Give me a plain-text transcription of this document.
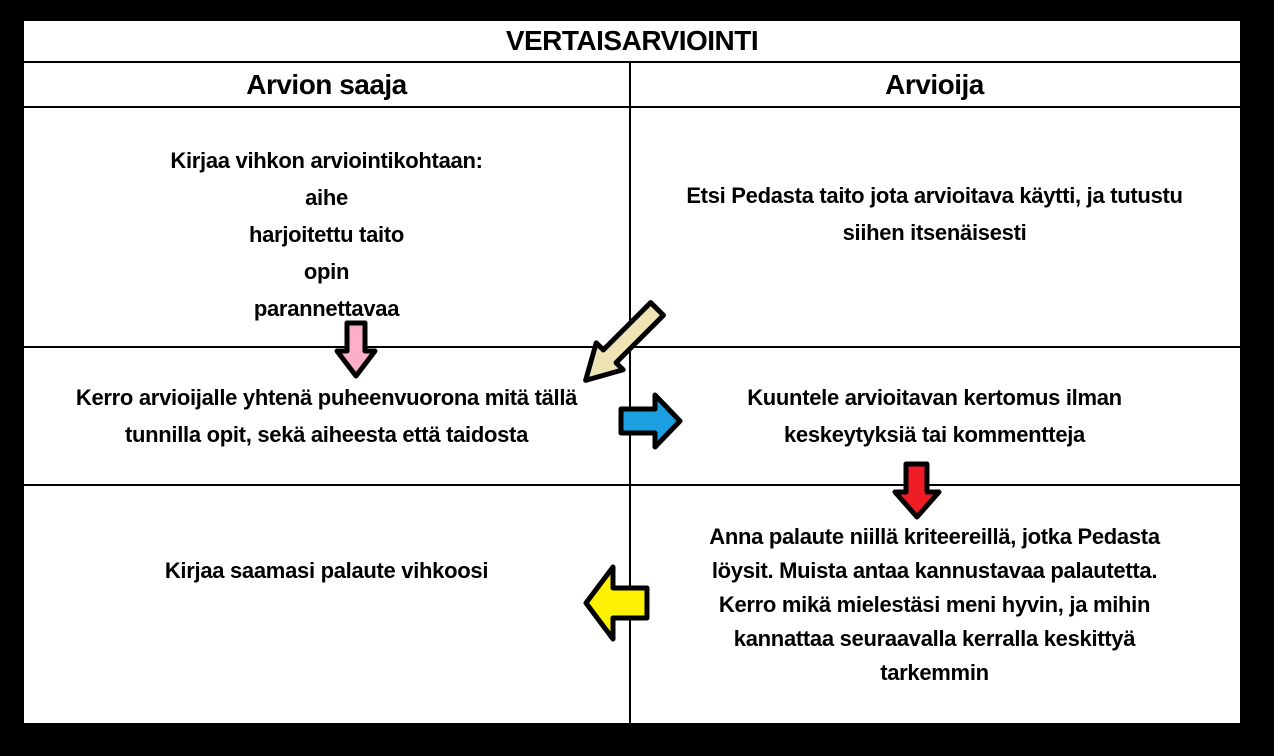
VERTAISARVIOINTI
Arvion saaja	Arvioija
Kirjaa vihkon arviointikohtaan:
aihe
harjoitettu taito
opin
parannettavaa
Etsi Pedasta taito jota arvioitava käytti, ja tutustu
siihen itsenäisesti
Kerro arvioijalle yhtenä puheenvuorona mitä tällä
tunnilla opit, sekä aiheesta että taidosta
Kuuntele arvioitavan kertomus ilman
keskeytyksiä tai kommentteja
Kirjaa saamasi palaute vihkoosi
Anna palaute niillä kriteereillä, jotka Pedasta
löysit. Muista antaa kannustavaa palautetta.
Kerro mikä mielestäsi meni hyvin, ja mihin
kannattaa seuraavalla kerralla keskittyä
tarkemmin
